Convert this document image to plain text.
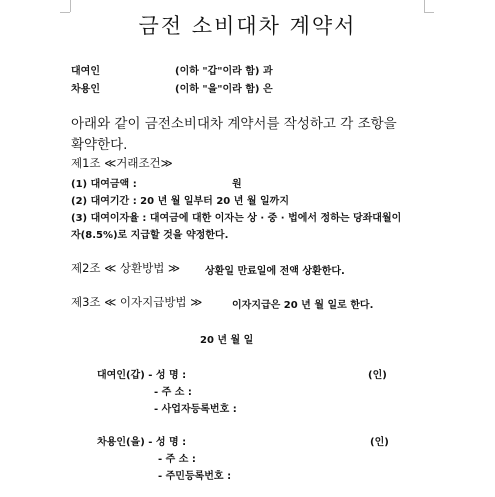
금전 소비대차 계약서
대여인	(이하 "갑"이라 함) 과
차용인	(이하 "을"이라 함) 은
아래와 같이 금전소비대차 계약서를 작성하고 각 조항을
확약한다.
제1조 ≪거래조건≫
(1) 대여금액 :	원
(2) 대여기간 : 20 년 월 일부터 20 년 월 일까지
(3) 대여이자율 : 대여금에 대한 이자는 상 · 중 · 법에서 정하는 당좌대월이
자(8.5%)로 지급할 것을 약정한다.
제2조 ≪ 상환방법 ≫ 상환일 만료일에 전액 상환한다.
제3조 ≪ 이자지급방법 ≫	이자지급은 20 년 월 일로 한다.
20 년 월 일
대여인(갑) - 성 명 :	(인)
- 주 소 :
- 사업자등록번호 :
차용인(을) - 성 명 :	(인)
- 주 소 :
- 주민등록번호 :
